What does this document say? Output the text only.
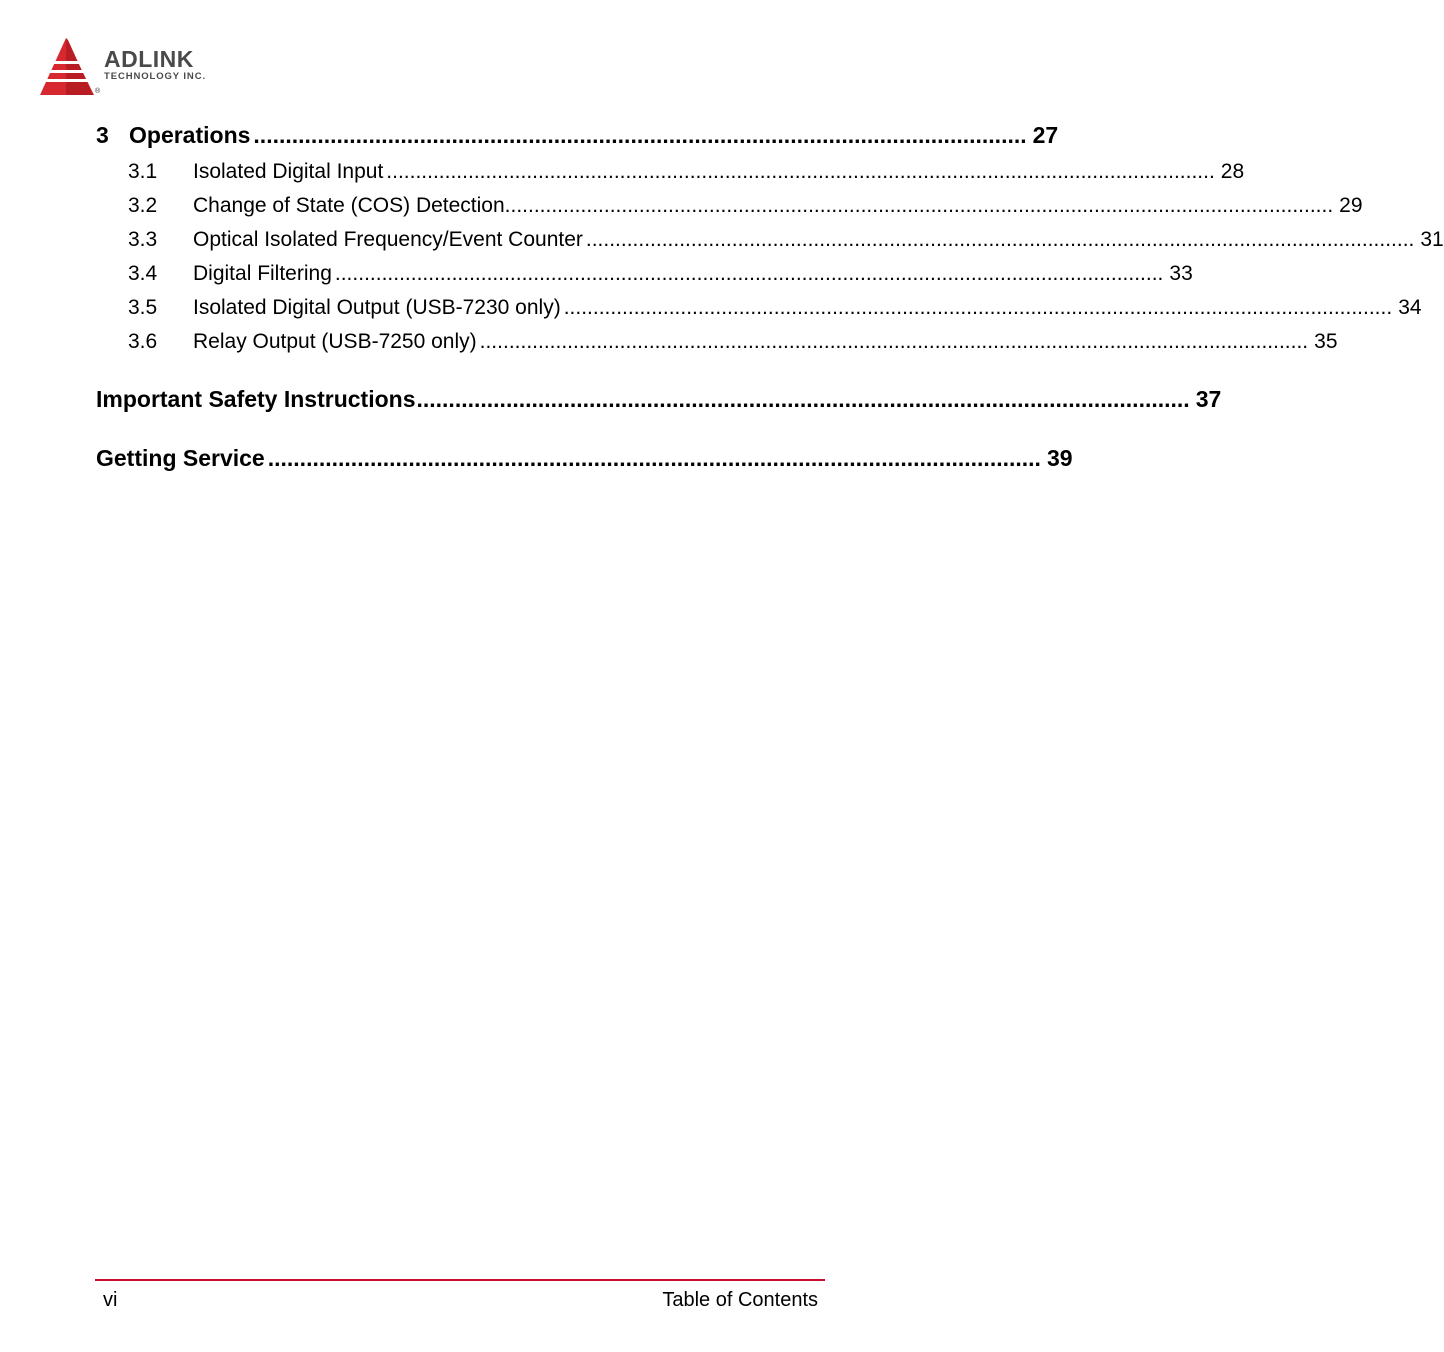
ADLINK
TECHNOLOGY INC.
®
3 Operations ......................................................................................................................... 27
3.1	Isolated Digital Input .............................................................................................................................................. 28
3.2	Change of State (COS) Detection .............................................................................................................................................. 29
3.3	Optical Isolated Frequency/Event Counter .............................................................................................................................................. 31
3.4	Digital Filtering .............................................................................................................................................. 33
3.5	Isolated Digital Output (USB-7230 only) .............................................................................................................................................. 34
3.6	Relay Output (USB-7250 only) .............................................................................................................................................. 35
Important Safety Instructions ......................................................................................................................... 37
Getting Service ......................................................................................................................... 39
vi	Table of Contents
